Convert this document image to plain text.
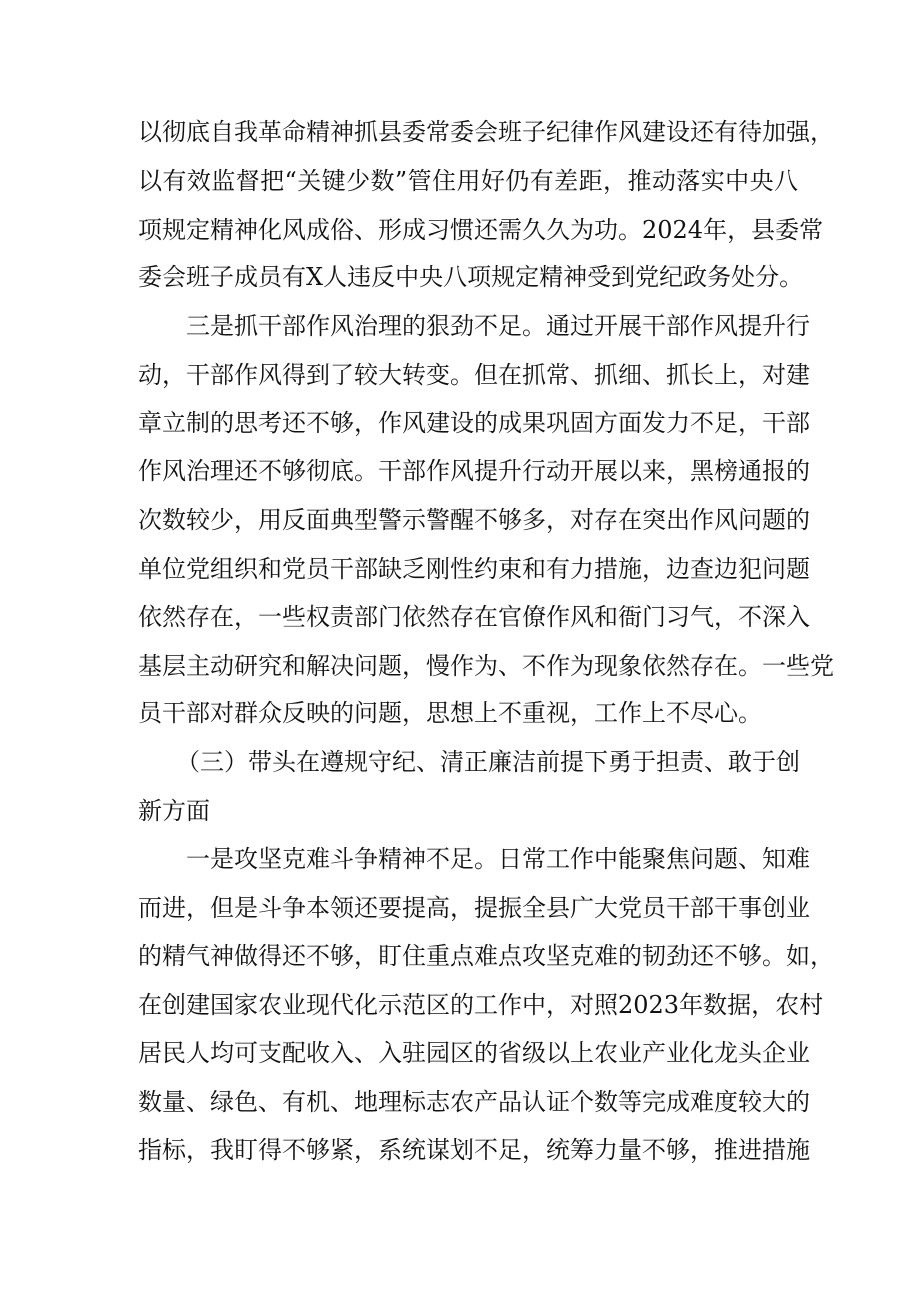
以彻底自我革命精神抓县委常委会班子纪律作风建设还有待加强，
以有效监督把“关键少数”管住用好仍有差距，推动落实中央八
项规定精神化风成俗、形成习惯还需久久为功。2024年，县委常
委会班子成员有X人违反中央八项规定精神受到党纪政务处分。
三是抓干部作风治理的狠劲不足。通过开展干部作风提升行
动，干部作风得到了较大转变。但在抓常、抓细、抓长上，对建
章立制的思考还不够，作风建设的成果巩固方面发力不足，干部
作风治理还不够彻底。干部作风提升行动开展以来，黑榜通报的
次数较少，用反面典型警示警醒不够多，对存在突出作风问题的
单位党组织和党员干部缺乏刚性约束和有力措施，边查边犯问题
依然存在，一些权责部门依然存在官僚作风和衙门习气，不深入
基层主动研究和解决问题，慢作为、不作为现象依然存在。一些党
员干部对群众反映的问题，思想上不重视，工作上不尽心。
（三）带头在遵规守纪、清正廉洁前提下勇于担责、敢于创
新方面
一是攻坚克难斗争精神不足。日常工作中能聚焦问题、知难
而进，但是斗争本领还要提高，提振全县广大党员干部干事创业
的精气神做得还不够，盯住重点难点攻坚克难的韧劲还不够。如，
在创建国家农业现代化示范区的工作中，对照2023年数据，农村
居民人均可支配收入、入驻园区的省级以上农业产业化龙头企业
数量、绿色、有机、地理标志农产品认证个数等完成难度较大的
指标，我盯得不够紧，系统谋划不足，统筹力量不够，推进措施
